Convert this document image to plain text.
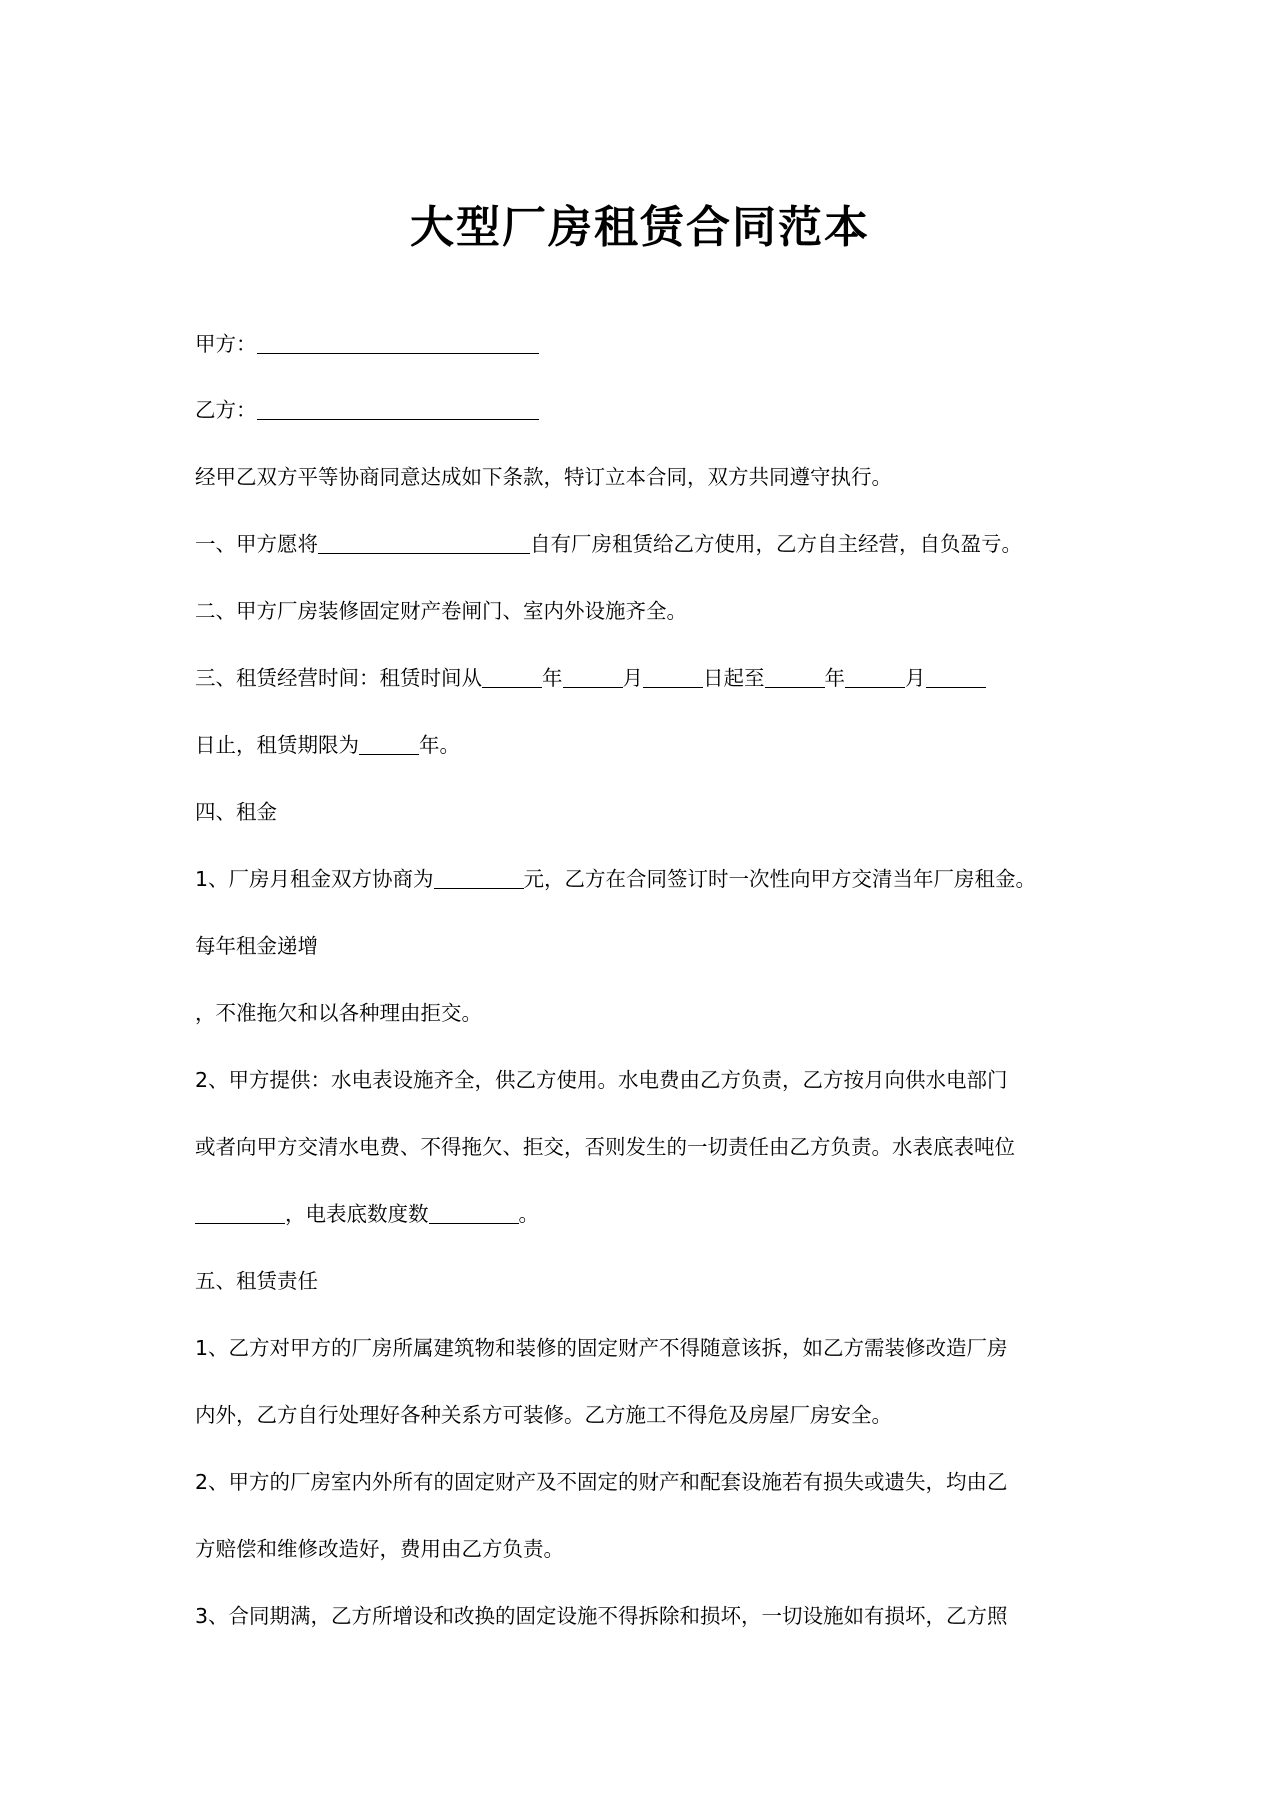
大型厂房租赁合同范本
甲方：
乙方：
经甲乙双方平等协商同意达成如下条款，特订立本合同，双方共同遵守执行。
一、甲方愿将	自有厂房租赁给乙方使用，乙方自主经营，自负盈亏。
二、甲方厂房装修固定财产卷闸门、室内外设施齐全。
三、租赁经营时间：租赁时间从	年	月	日起至	年	月
日止，租赁期限为	年。
四、租金
1、厂房月租金双方协商为	元，乙方在合同签订时一次性向甲方交清当年厂房租金。
每年租金递增
，不准拖欠和以各种理由拒交。
2、甲方提供：水电表设施齐全，供乙方使用。水电费由乙方负责，乙方按月向供水电部门
或者向甲方交清水电费、不得拖欠、拒交，否则发生的一切责任由乙方负责。水表底表吨位
，电表底数度数	。
五、租赁责任
1、乙方对甲方的厂房所属建筑物和装修的固定财产不得随意该拆，如乙方需装修改造厂房
内外，乙方自行处理好各种关系方可装修。乙方施工不得危及房屋厂房安全。
2、甲方的厂房室内外所有的固定财产及不固定的财产和配套设施若有损失或遗失，均由乙
方赔偿和维修改造好，费用由乙方负责。
3、合同期满，乙方所增设和改换的固定设施不得拆除和损坏，一切设施如有损坏，乙方照
